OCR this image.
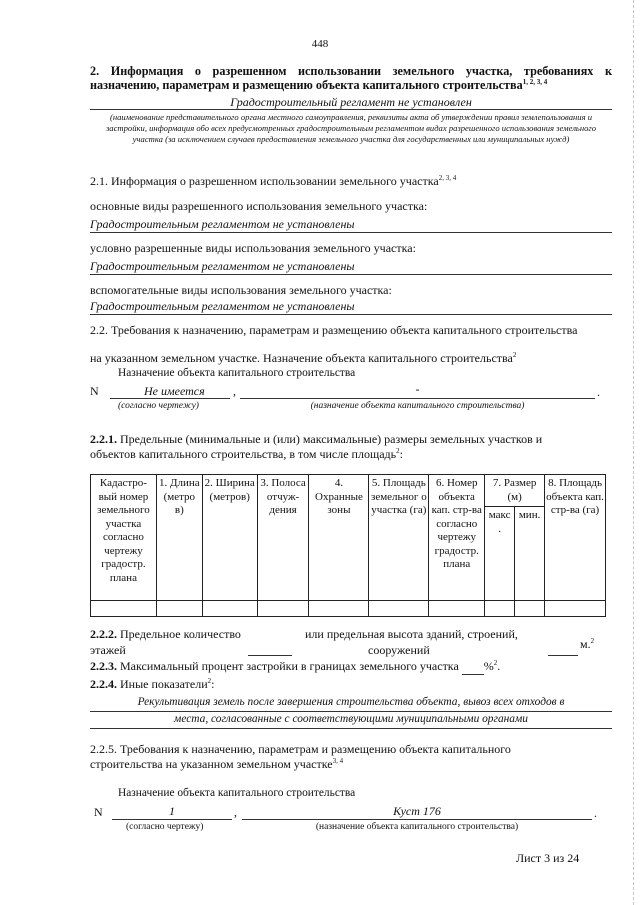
448
2. Информация о разрешенном использовании земельного участка, требованиях к назначению, параметрам и размещению объекта капитального строительства$^{1, 2, 3, 4}$
Градостроительный регламент не установлен
(наименование представительного органа местного самоуправления, реквизиты акта об утверждении правил землепользования и застройки, информация обо всех предусмотренных градостроительным регламентом видах разрешенного использования земельного участка (за исключением случаев предоставления земельного участка для государственных или муниципальных нужд)
2.1. Информация о разрешенном использовании земельного участка$^{2, 3, 4}$
основные виды разрешенного использования земельного участка:
Градостроительным регламентом не установлены
условно разрешенные виды использования земельного участка:
Градостроительным регламентом не установлены
вспомогательные виды использования земельного участка:
Градостроительным регламентом не установлены
2.2. Требования к назначению, параметрам и размещению объекта капитального строительства
на указанном земельном участке. Назначение объекта капитального строительства$^2$
Назначение объекта капитального строительства
N	Не имеется ,	-	.
(согласно чертежу)	(назначение объекта капитального строительства)
2.2.1. Предельные (минимальные и (или) максимальные) размеры земельных участков и объектов капитального строительства, в том числе площадь$^2$:
Кадастро-вый номер земельного участка согласно чертежу градостр. плана	1. Длина (метро в)	2. Ширина (метров)	3. Полоса отчуж-дения	4. Охранные зоны	5. Площадь земельног о участка (га)	6. Номер объекта кап. стр-ва согласно чертежу градостр. плана	7. Размер (м)		8. Площадь объекта кап. стр-ва (га)
							макс .	мин.	

2.2.2. Предельное количество
этажей
или предельная высота зданий, строений,
сооружений	м.$^2$
2.2.3. Максимальный процент застройки в границах земельного участка %$^2$.
2.2.4. Иные показатели$^2$:
Рекультивация земель после завершения строительства объекта, вывоз всех отходов в
места, согласованные с соответствующими муниципальными органами
2.2.5. Требования к назначению, параметрам и размещению объекта капитального
строительства на указанном земельном участке$^{3, 4}$
Назначение объекта капитального строительства
N	1	,	Куст 176	.
(согласно чертежу)	(назначение объекта капитального строительства)
Лист 3 из 24
